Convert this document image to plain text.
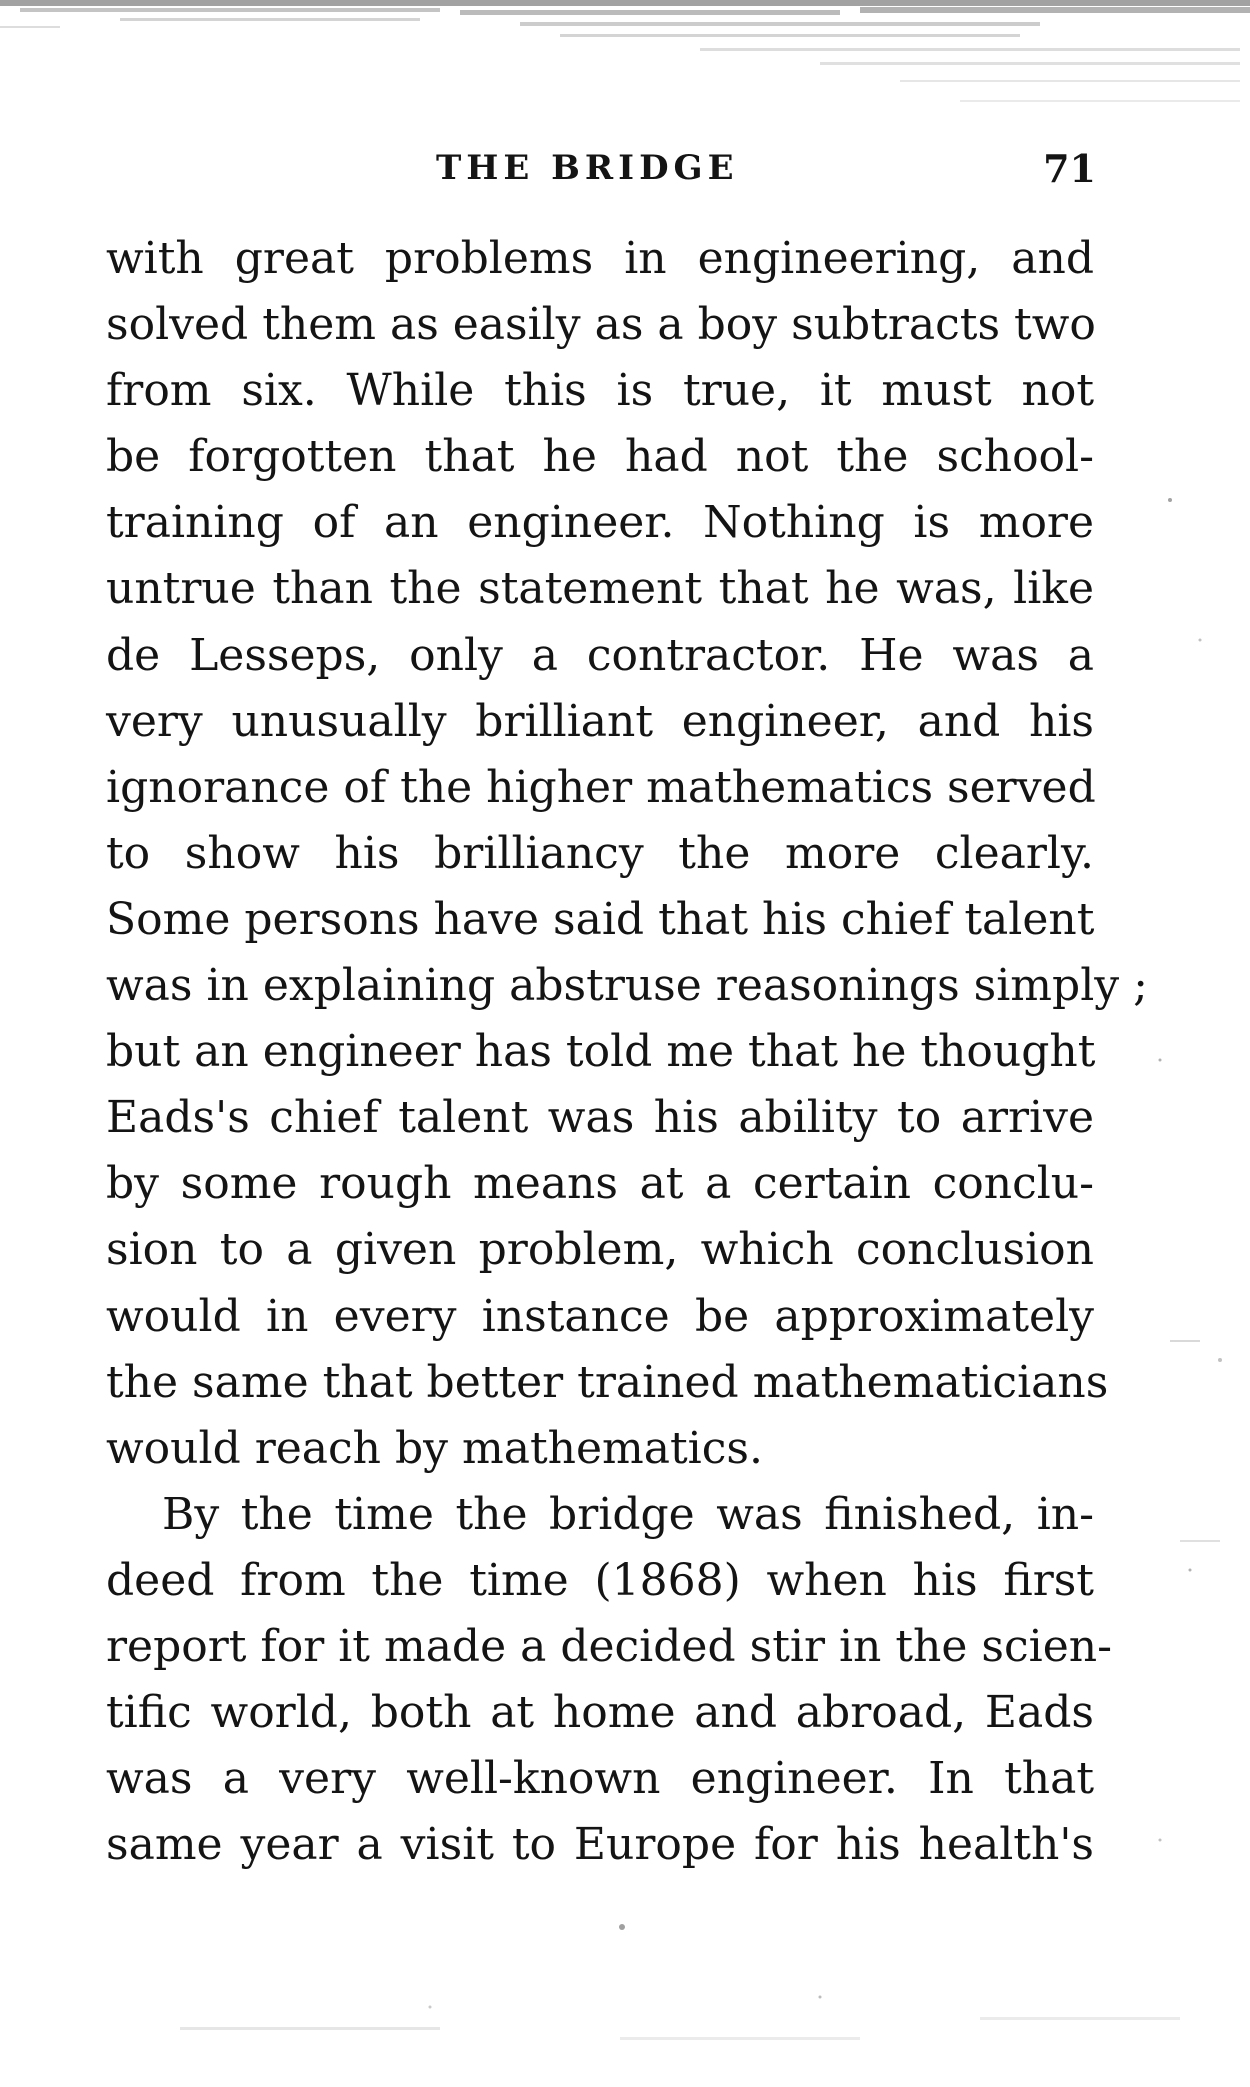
THE BRIDGE	71
with great problems in engineering, and
solved them as easily as a boy subtracts two
from six. While this is true, it must not
be forgotten that he had not the school-
training of an engineer. Nothing is more
untrue than the statement that he was, like
de Lesseps, only a contractor. He was a
very unusually brilliant engineer, and his
ignorance of the higher mathematics served
to show his brilliancy the more clearly.
Some persons have said that his chief talent
was in explaining abstruse reasonings simply ;
but an engineer has told me that he thought
Eads's chief talent was his ability to arrive
by some rough means at a certain conclu-
sion to a given problem, which conclusion
would in every instance be approximately
the same that better trained mathematicians
would reach by mathematics.
By the time the bridge was finished, in-
deed from the time (1868) when his first
report for it made a decided stir in the scien-
tific world, both at home and abroad, Eads
was a very well-known engineer. In that
same year a visit to Europe for his health's
